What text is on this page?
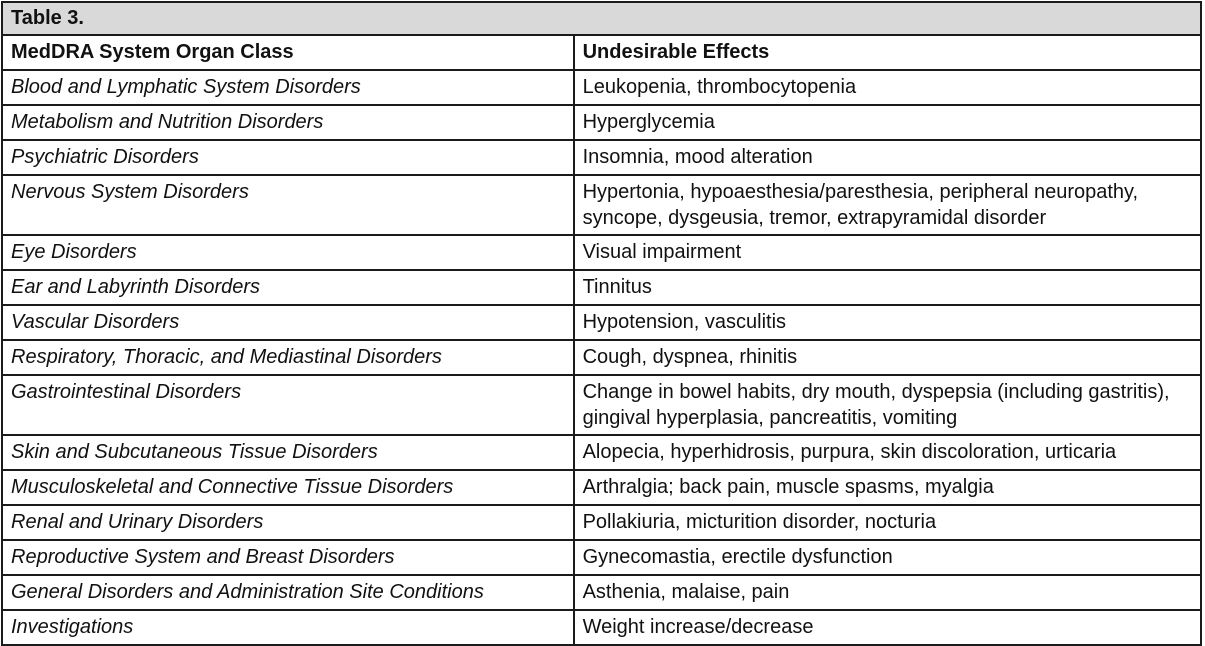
Table 3.	
MedDRA System Organ Class	Undesirable Effects
Blood and Lymphatic System Disorders	Leukopenia, thrombocytopenia
Metabolism and Nutrition Disorders	Hyperglycemia
Psychiatric Disorders	Insomnia, mood alteration
Nervous System Disorders	Hypertonia, hypoaesthesia/paresthesia, peripheral neuropathy, syncope, dysgeusia, tremor, extrapyramidal disorder
Eye Disorders	Visual impairment
Ear and Labyrinth Disorders	Tinnitus
Vascular Disorders	Hypotension, vasculitis
Respiratory, Thoracic, and Mediastinal Disorders	Cough, dyspnea, rhinitis
Gastrointestinal Disorders	Change in bowel habits, dry mouth, dyspepsia (including gastritis), gingival hyperplasia, pancreatitis, vomiting
Skin and Subcutaneous Tissue Disorders	Alopecia, hyperhidrosis, purpura, skin discoloration, urticaria
Musculoskeletal and Connective Tissue Disorders	Arthralgia; back pain, muscle spasms, myalgia
Renal and Urinary Disorders	Pollakiuria, micturition disorder, nocturia
Reproductive System and Breast Disorders	Gynecomastia, erectile dysfunction
General Disorders and Administration Site Conditions	Asthenia, malaise, pain
Investigations	Weight increase/decrease
